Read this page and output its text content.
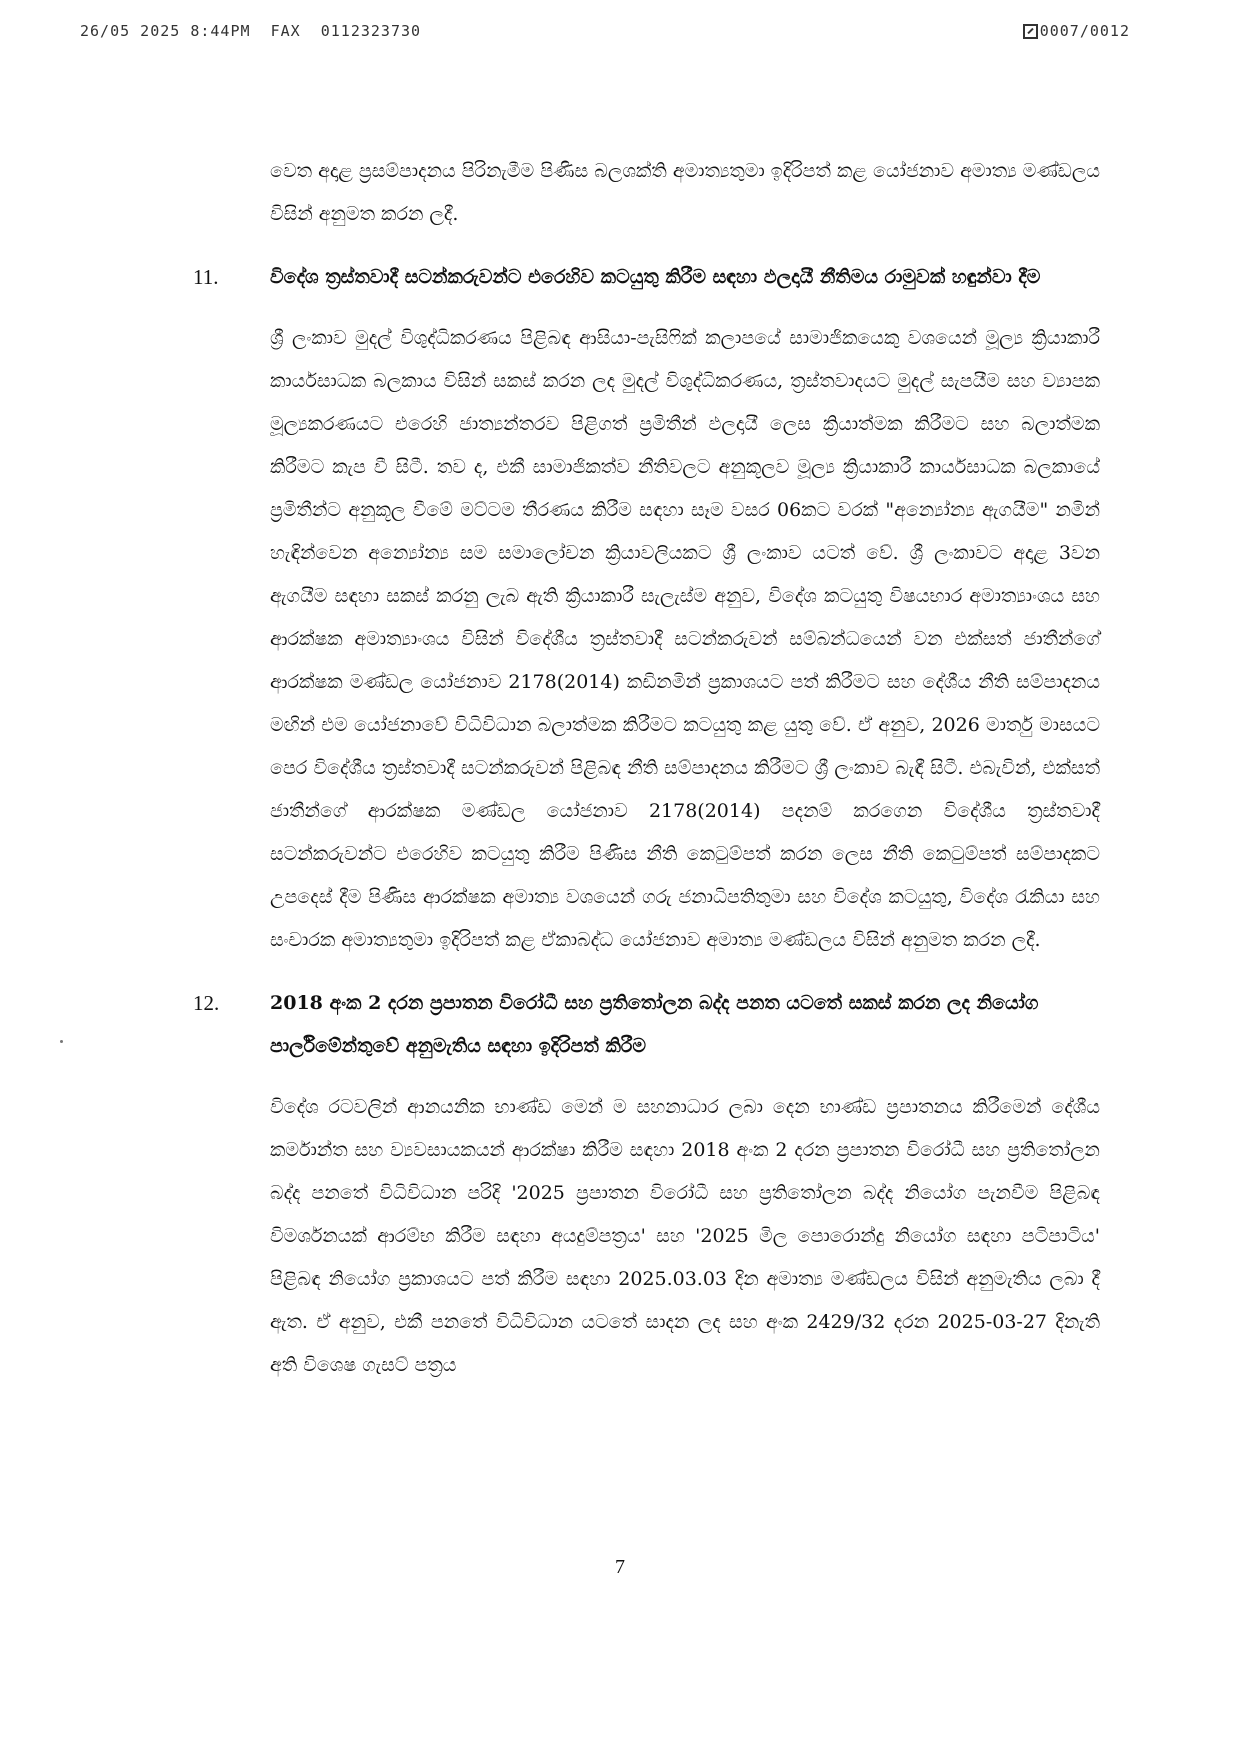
26/05 2025 8:44PM FAX 0112323730	0007/0012

වෙත අදාළ ප්‍රසම්පාදනය පිරිනැමීම පිණිස බලශක්ති අමාත්‍යතුමා ඉදිරිපත් කළ යෝජනාව අමාත්‍ය මණ්ඩලය විසින් අනුමත කරන ලදී.

11.	විදේශ ත්‍රස්තවාදී සටන්කරුවන්ට එරෙහිව කටයුතු කිරීම සඳහා ඵලදායී නීතිමය රාමුවක් හඳුන්වා දීම

ශ්‍රී ලංකාව මුදල් විශුද්ධිකරණය පිළිබඳ ආසියා-පැසිෆික් කලාපයේ සාමාජිකයෙකු වශයෙන් මූල්‍ය ක්‍රියාකාරී කාර්යසාධක බලකාය විසින් සකස් කරන ලද මුදල් විශුද්ධිකරණය, ත්‍රස්තවාදයට මුදල් සැපයීම සහ ව්‍යාපක මූල්‍යකරණයට එරෙහි ජාත්‍යන්තරව පිළිගත් ප්‍රමිතීන් ඵලදායී ලෙස ක්‍රියාත්මක කිරීමට සහ බලාත්මක කිරීමට කැප වී සිටී. තව ද, එකී සාමාජිකත්ව නීතිවලට අනුකූලව මූල්‍ය ක්‍රියාකාරී කාර්යසාධක බලකායේ ප්‍රමිතීන්ට අනුකූල වීමේ මට්ටම තීරණය කිරීම සඳහා සෑම වසර 06කට වරක් "අන්‍යෝන්‍ය ඇගයීම" නමින් හැඳින්වෙන අන්‍යෝන්‍ය සම සමාලෝචන ක්‍රියාවලියකට ශ්‍රී ලංකාව යටත් වේ. ශ්‍රී ලංකාවට අදාළ 3වන ඇගයීම සඳහා සකස් කරනු ලැබ ඇති ක්‍රියාකාරී සැලැස්ම අනුව, විදේශ කටයුතු විෂයභාර අමාත්‍යාංශය සහ ආරක්ෂක අමාත්‍යාංශය විසින් විදේශීය ත්‍රස්තවාදී සටන්කරුවන් සම්බන්ධයෙන් වන එක්සත් ජාතීන්ගේ ආරක්ෂක මණ්ඩල යෝජනාව 2178(2014) කඩිනමින් ප්‍රකාශයට පත් කිරීමට සහ දේශීය නීති සම්පාදනය මඟින් එම යෝජනාවේ විධිවිධාන බලාත්මක කිරීමට කටයුතු කළ යුතු වේ. ඒ අනුව, 2026 මාර්තු මාසයට පෙර විදේශීය ත්‍රස්තවාදී සටන්කරුවන් පිළිබඳ නීති සම්පාදනය කිරීමට ශ්‍රී ලංකාව බැඳී සිටී. එබැවින්, එක්සත් ජාතීන්ගේ ආරක්ෂක මණ්ඩල යෝජනාව 2178(2014) පදනම් කරගෙන විදේශීය ත්‍රස්තවාදී සටන්කරුවන්ට එරෙහිව කටයුතු කිරීම පිණිස නීති කෙටුම්පත් කරන ලෙස නීති කෙටුම්පත් සම්පාදකට උපදෙස් දීම පිණිස ආරක්ෂක අමාත්‍ය වශයෙන් ගරු ජනාධිපතිතුමා සහ විදේශ කටයුතු, විදේශ රැකියා සහ සංචාරක අමාත්‍යතුමා ඉදිරිපත් කළ ඒකාබද්ධ යෝජනාව අමාත්‍ය මණ්ඩලය විසින් අනුමත කරන ලදී.

12.	2018 අංක 2 දරන ප්‍රපාතන විරෝධී සහ ප්‍රතිතෝලන බද්ද පනත යටතේ සකස් කරන ලද නියෝග පාර්ලිමේන්තුවේ අනුමැතිය සඳහා ඉදිරිපත් කිරීම

විදේශ රටවලින් ආනයනික භාණ්ඩ මෙන් ම සහනාධාර ලබා දෙන භාණ්ඩ ප්‍රපාතනය කිරීමෙන් දේශීය කර්මාන්ත සහ ව්‍යවසායකයන් ආරක්ෂා කිරීම සඳහා 2018 අංක 2 දරන ප්‍රපාතන විරෝධී සහ ප්‍රතිතෝලන බද්ද පනතේ විධිවිධාන පරිදි '2025 ප්‍රපාතන විරෝධී සහ ප්‍රතිතෝලන බද්ද නියෝග පැනවීම පිළිබඳ විමර්ශනයක් ආරම්භ කිරීම සඳහා අයදුම්පත්‍රය' සහ '2025 මිල පොරොන්දු නියෝග සඳහා පටිපාටිය' පිළිබඳ නියෝග ප්‍රකාශයට පත් කිරීම සඳහා 2025.03.03 දින අමාත්‍ය මණ්ඩලය විසින් අනුමැතිය ලබා දී ඇත. ඒ අනුව, එකී පනතේ විධිවිධාන යටතේ සාදන ලද සහ අංක 2429/32 දරන 2025-03-27 දිනැති අති විශෙෂ ගැසට් පත්‍රය

7
